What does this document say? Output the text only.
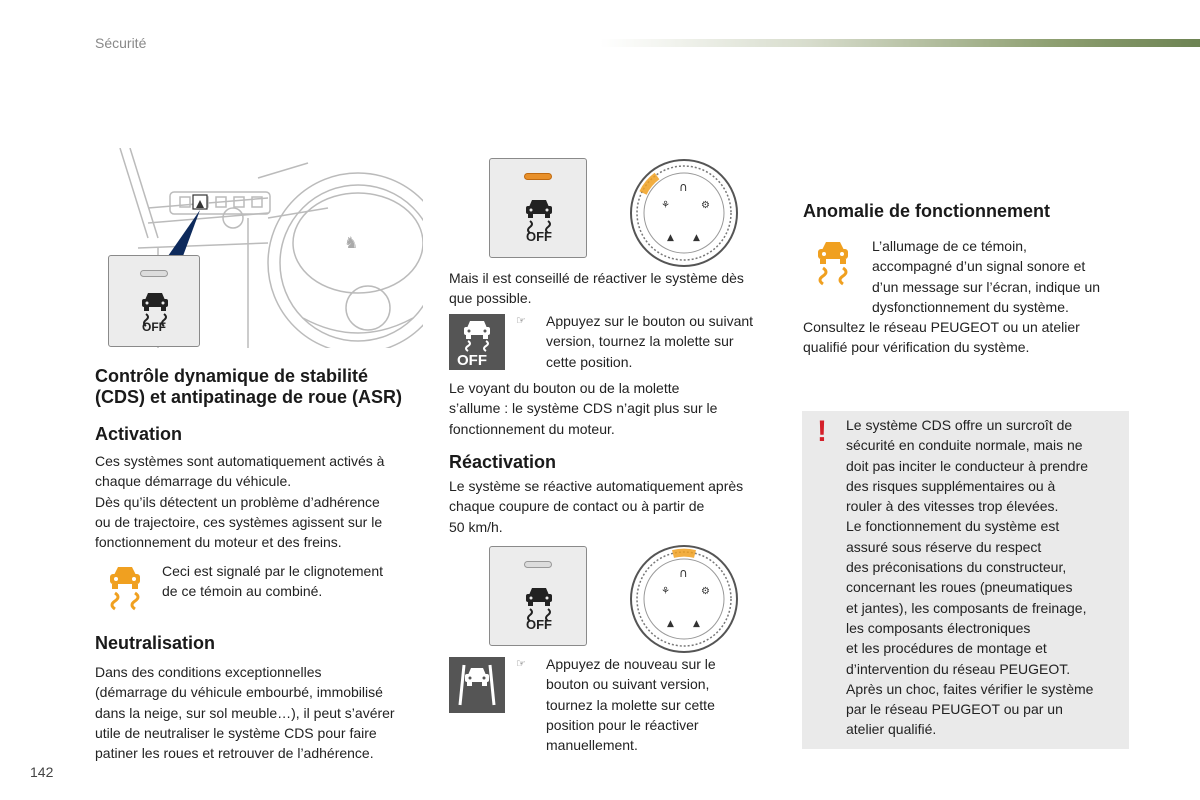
Sécurité
♞
OFF
Contrôle dynamique de stabilité
(CDS) et antipatinage de roue (ASR)
Activation
Ces systèmes sont automatiquement activés à
chaque démarrage du véhicule.
Dès qu’ils détectent un problème d’adhérence
ou de trajectoire, ces systèmes agissent sur le
fonctionnement du moteur et des freins.
Ceci est signalé par le clignotement
de ce témoin au combiné.
Neutralisation
Dans des conditions exceptionnelles
(démarrage du véhicule embourbé, immobilisé
dans la neige, sur sol meuble…), il peut s’avérer
utile de neutraliser le système CDS pour faire
patiner les roues et retrouver de l’adhérence.
142
OFF
∩
⚘	⚙
▲ ▲
Mais il est conseillé de réactiver le système dès
que possible.
OFF
☞ Appuyez sur le bouton ou suivant
version, tournez la molette sur
cette position.
Le voyant du bouton ou de la molette
s’allume : le système CDS n’agit plus sur le
fonctionnement du moteur.
Réactivation
Le système se réactive automatiquement après
chaque coupure de contact ou à partir de
50 km/h.
OFF
∩
⚘	⚙
▲ ▲
☞ Appuyez de nouveau sur le
bouton ou suivant version,
tournez la molette sur cette
position pour le réactiver
manuellement.
Anomalie de fonctionnement
L’allumage de ce témoin,
accompagné d’un signal sonore et
d’un message sur l’écran, indique un
dysfonctionnement du système.
Consultez le réseau PEUGEOT ou un atelier
qualifié pour vérification du système.
! Le système CDS offre un surcroît de
sécurité en conduite normale, mais ne
doit pas inciter le conducteur à prendre
des risques supplémentaires ou à
rouler à des vitesses trop élevées.
Le fonctionnement du système est
assuré sous réserve du respect
des préconisations du constructeur,
concernant les roues (pneumatiques
et jantes), les composants de freinage,
les composants électroniques
et les procédures de montage et
d’intervention du réseau PEUGEOT.
Après un choc, faites vérifier le système
par le réseau PEUGEOT ou par un
atelier qualifié.
